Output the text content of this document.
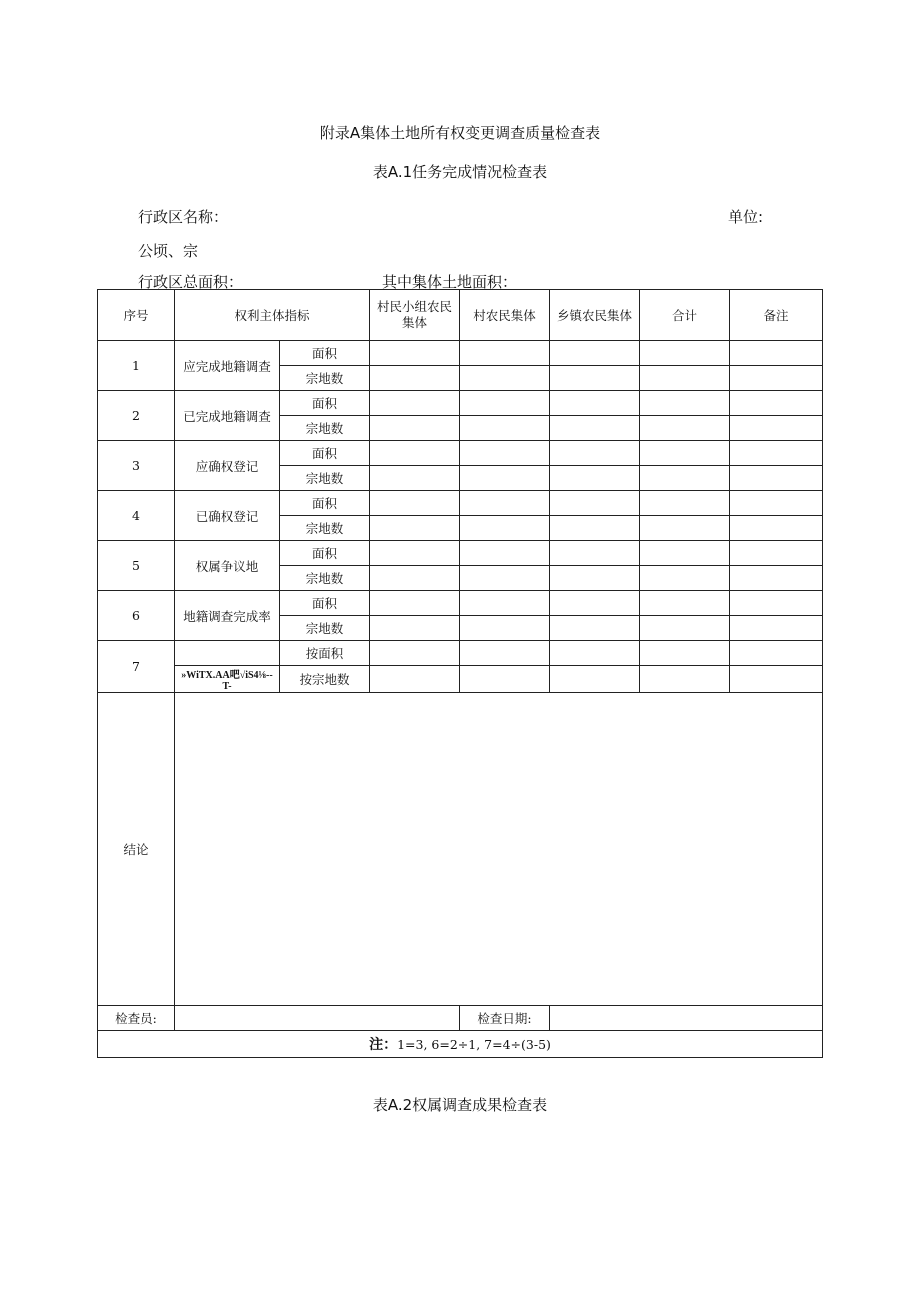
附录A集体土地所有权变更调查质量检查表
表A.1任务完成情况检查表
行政区名称：	单位:
公顷、宗
行政区总面积：	其中集体土地面积：
序号	权利主体指标		村民小组农民集体	村农民集体	乡镇农民集体	合计	备注
1	应完成地籍调查	面积					
		宗地数					
2	已完成地籍调查	面积					
		宗地数					
3	应确权登记	面积					
		宗地数					
4	已确权登记	面积					
		宗地数					
5	权属争议地	面积					
		宗地数					
6	地籍调查完成率	面积					
		宗地数					
7		按面积					
	»WiTX.AA吧√iS4⅛--T-	按宗地数					
结论							
检查员:				检查日期:			
注：1=3, 6=2÷1, 7=4÷(3-5)							
表A.2权属调查成果检查表
